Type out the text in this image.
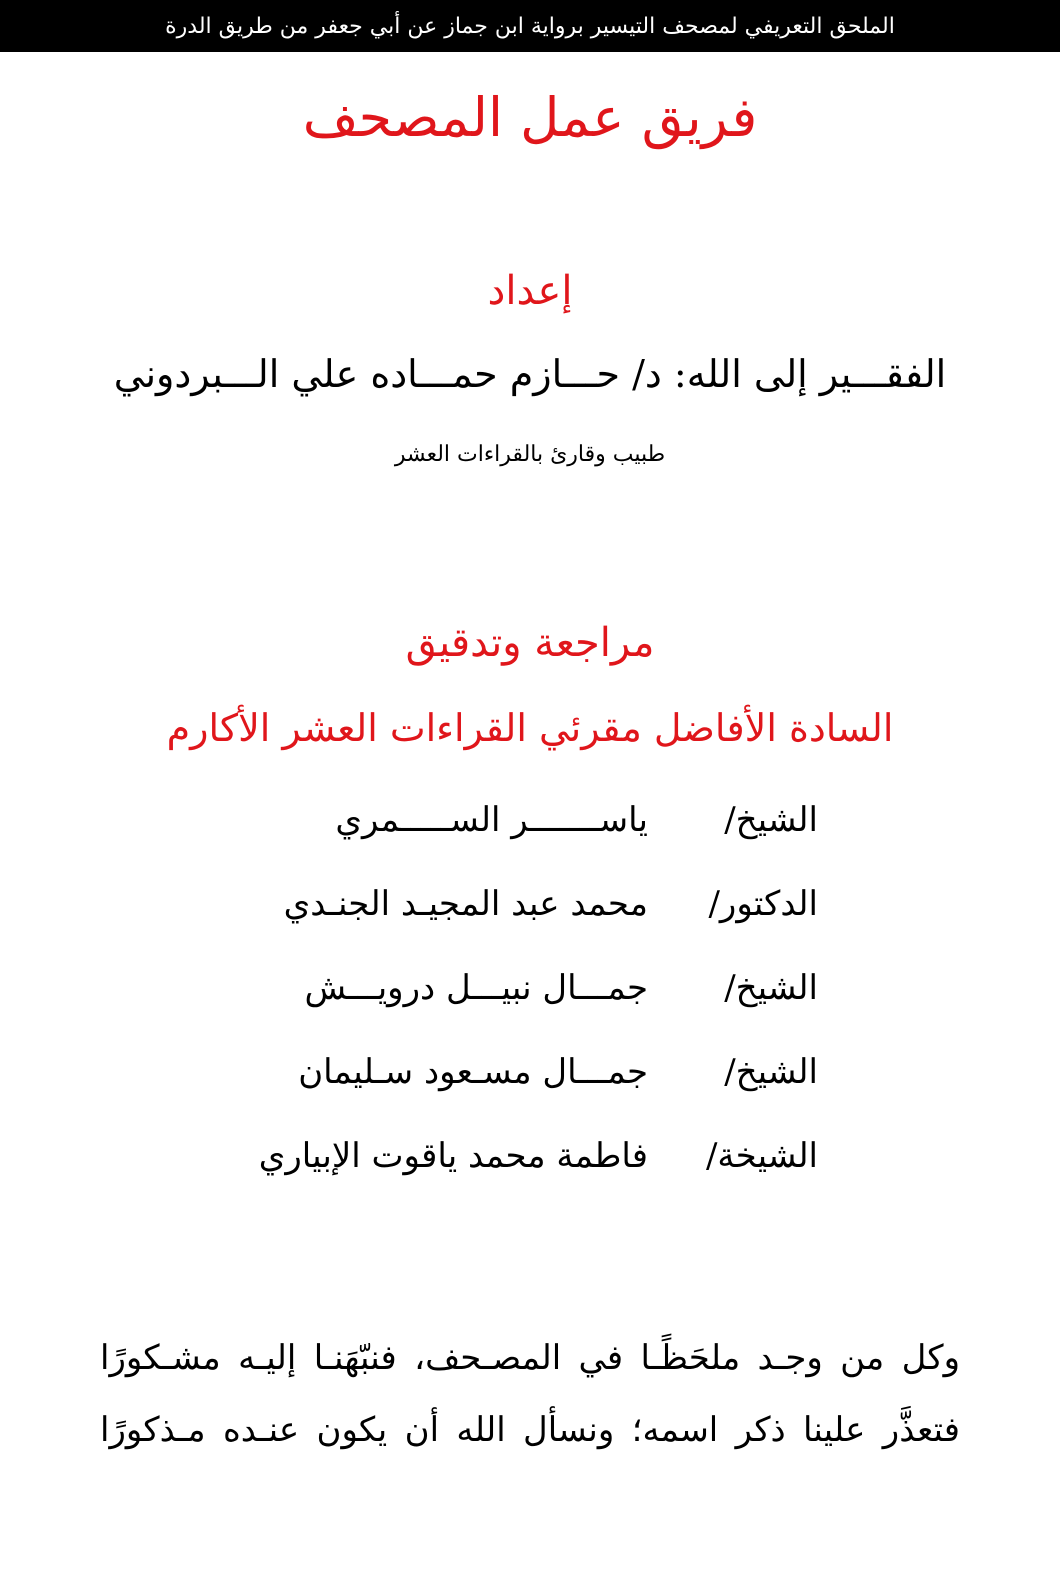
الملحق التعريفي لمصحف التيسير برواية ابن جماز عن أبي جعفر من طريق الدرة
فريق عمل المصحف
إعداد
الفقـــير إلى الله: د/ حـــازم حمـــاده علي الـــبردوني
طبيب وقارئ بالقراءات العشر
مراجعة وتدقيق
السادة الأفاضل مقرئي القراءات العشر الأكارم
الشيخ/
ياســـــــر الســـــمري
الدكتور/
محمد عبد المجيـد الجنـدي
الشيخ/
جمـــال نبيـــل درويـــش
الشيخ/
جمـــال مسـعود سـليمان
الشيخة/
فاطمة محمد ياقوت الإبياري
وكل من وجـد ملحَظًـا في المصـحف، فنبّهَنـا إليـه مشـكورًا
فتعذَّر علينا ذكر اسمه؛ ونسأل الله أن يكون عنـده مـذكورًا
